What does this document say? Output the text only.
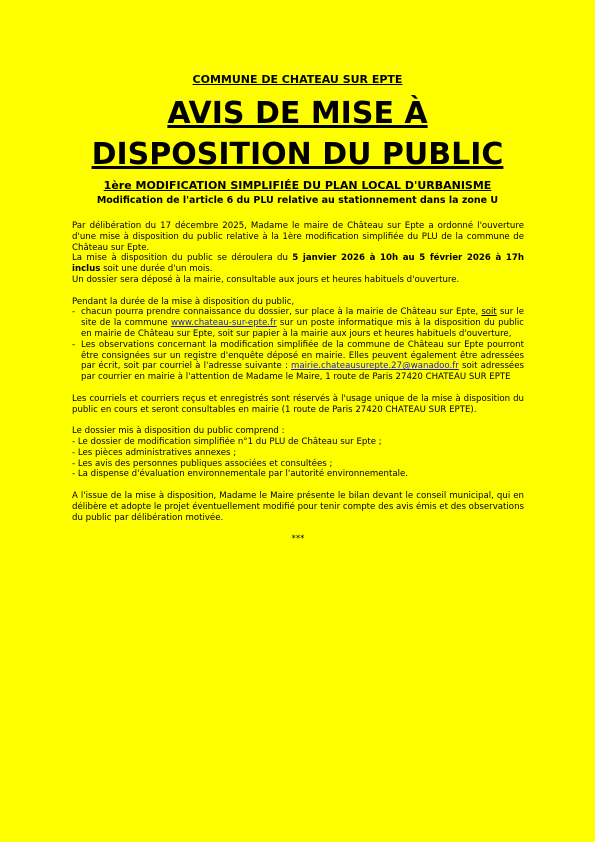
COMMUNE DE CHATEAU SUR EPTE
AVIS DE MISE À
DISPOSITION DU PUBLIC
1ère MODIFICATION SIMPLIFIÉE DU PLAN LOCAL D'URBANISME
Modification de l'article 6 du PLU relative au stationnement dans la zone U

Par délibération du 17 décembre 2025, Madame le maire de Château sur Epte a ordonné l'ouverture d'une mise à disposition du public relative à la 1ère modification simplifiée du PLU de la commune de Château sur Epte.

La mise à disposition du public se déroulera du 5 janvier 2026 à 10h au 5 février 2026 à 17h inclus soit une durée d'un mois.

Un dossier sera déposé à la mairie, consultable aux jours et heures habituels d'ouverture.

Pendant la durée de la mise à disposition du public,

- chacun pourra prendre connaissance du dossier, sur place à la mairie de Château sur Epte, soit sur le site de la commune www.chateau-sur-epte.fr sur un poste informatique mis à la disposition du public en mairie de Château sur Epte, soit sur papier à la mairie aux jours et heures habituels d'ouverture,
- Les observations concernant la modification simplifiée de la commune de Château sur Epte pourront être consignées sur un registre d'enquête déposé en mairie. Elles peuvent également être adressées par écrit, soit par courriel à l'adresse suivante : mairie.chateausurepte.27@wanadoo.fr soit adressées par courrier en mairie à l'attention de Madame le Maire, 1 route de Paris 27420 CHATEAU SUR EPTE

Les courriels et courriers reçus et enregistrés sont réservés à l'usage unique de la mise à disposition du public en cours et seront consultables en mairie (1 route de Paris 27420 CHATEAU SUR EPTE).

Le dossier mis à disposition du public comprend :

- Le dossier de modification simplifiée n°1 du PLU de Château sur Epte ;

- Les pièces administratives annexes ;

- Les avis des personnes publiques associées et consultées ;

- La dispense d'évaluation environnementale par l'autorité environnementale.

A l'issue de la mise à disposition, Madame le Maire présente le bilan devant le conseil municipal, qui en délibère et adopte le projet éventuellement modifié pour tenir compte des avis émis et des observations du public par délibération motivée.

***
